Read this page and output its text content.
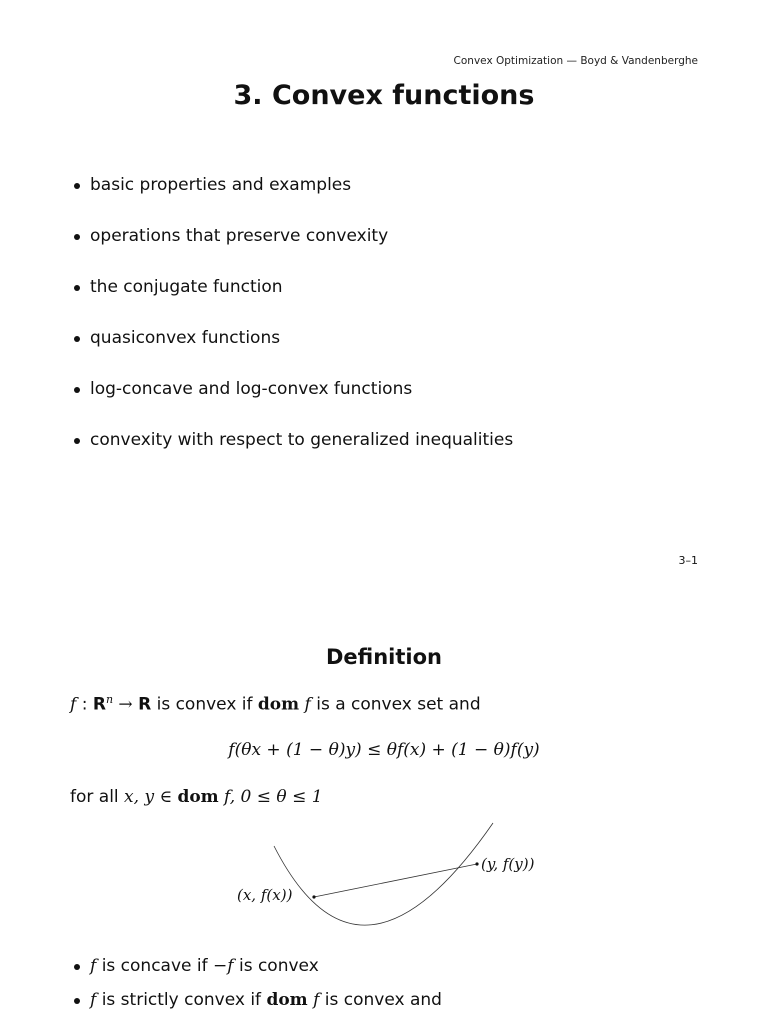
Convex Optimization — Boyd & Vandenberghe
3. Convex functions
basic properties and examples
operations that preserve convexity
the conjugate function
quasiconvex functions
log-concave and log-convex functions
convexity with respect to generalized inequalities
3–1
Definition
f : $R^n \to R$ is convex if dom f is a convex set and
f(θx + (1 − θ)y) ≤ θf(x) + (1 − θ)f(y)
for all x, y ∈ dom f, 0 ≤ θ ≤ 1
(x, f(x))
(y, f(y))
f is concave if −f is convex
f is strictly convex if dom f is convex and
